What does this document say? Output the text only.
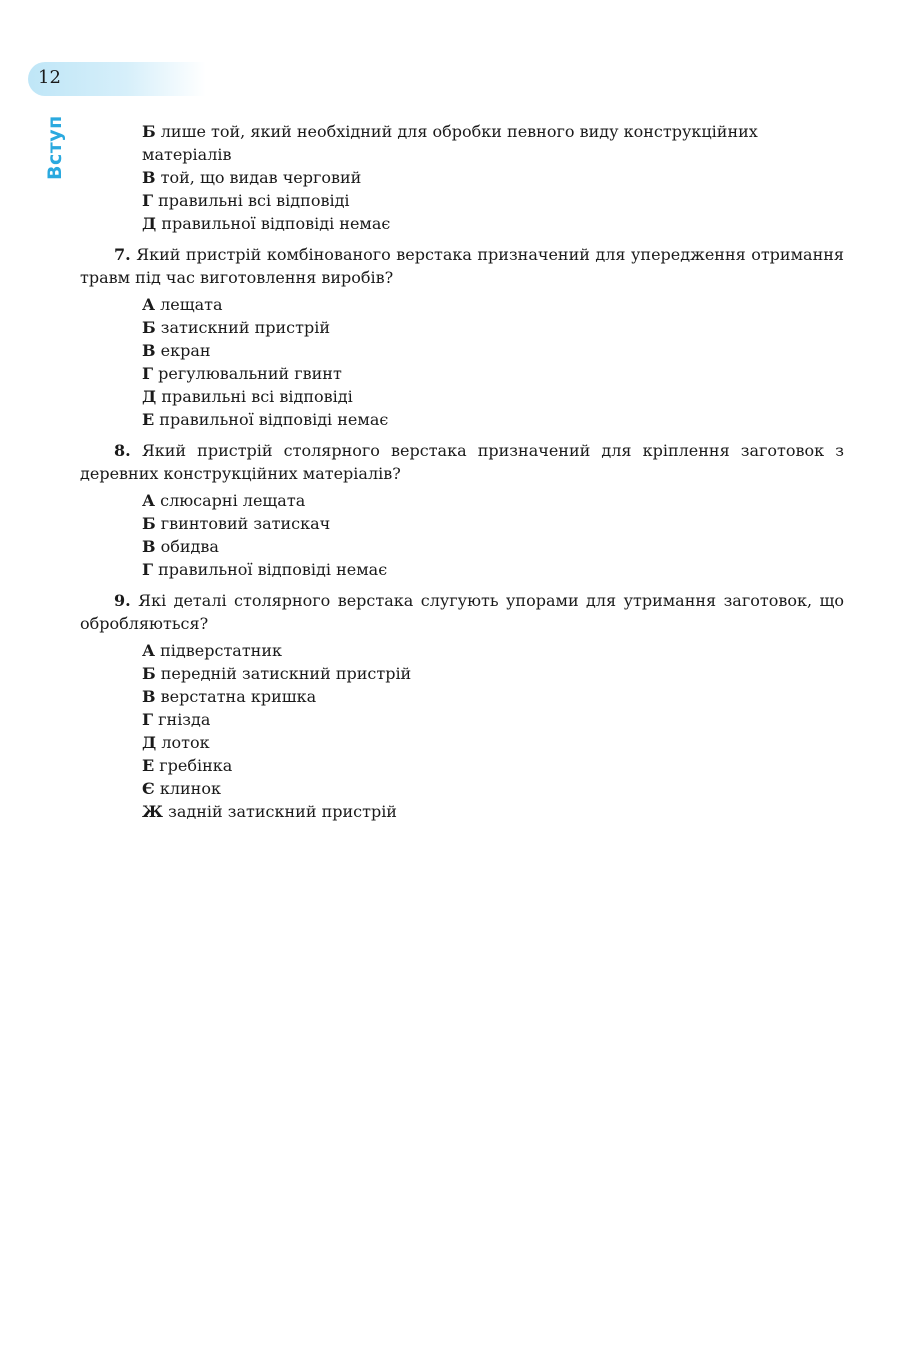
12
Вступ	Б лише той, який необхідний для обробки певного виду конструкційних матеріалів
В той, що видав черговий
Г правильні всі відповіді
Д правильної відповіді немає
7. Який пристрій комбінованого верстака призначений для упередження отримання травм під час виготовлення виробів?
А лещата
Б затискний пристрій
В екран
Г регулювальний гвинт
Д правильні всі відповіді
Е правильної відповіді немає
8. Який пристрій столярного верстака призначений для кріплення заготовок з деревних конструкційних матеріалів?
А слюсарні лещата
Б гвинтовий затискач
В обидва
Г правильної відповіді немає
9. Які деталі столярного верстака слугують упорами для утримання заготовок, що обробляються?
А підверстатник
Б передній затискний пристрій
В верстатна кришка
Г гнізда
Д лоток
Е гребінка
Є клинок
Ж задній затискний пристрій
